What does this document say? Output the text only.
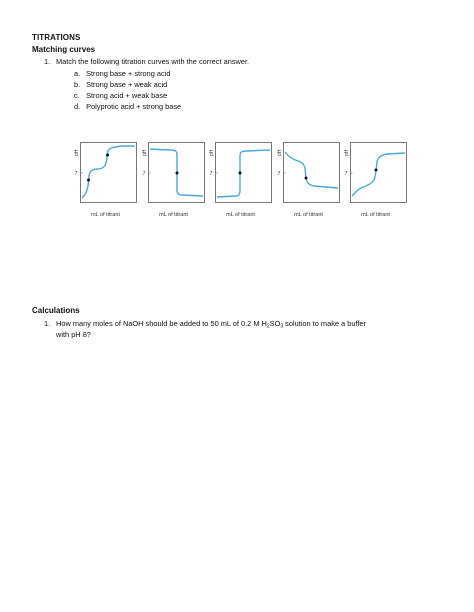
TITRATIONS
Matching curves
1. Match the following titration curves with the correct answer.
a. Strong base + strong acid
b. Strong base + weak acid
c. Strong acid + weak base
d. Polyprotic acid + strong base
pH
7
mL of titrant
pH
7
mL of titrant
pH
7
mL of titrant
pH
7
mL of titrant
pH
7
mL of titrant
Calculations
1. How many moles of NaOH should be added to 50 mL of 0.2 M $H_2SO_3$ solution to make a buffer
with pH 8?
